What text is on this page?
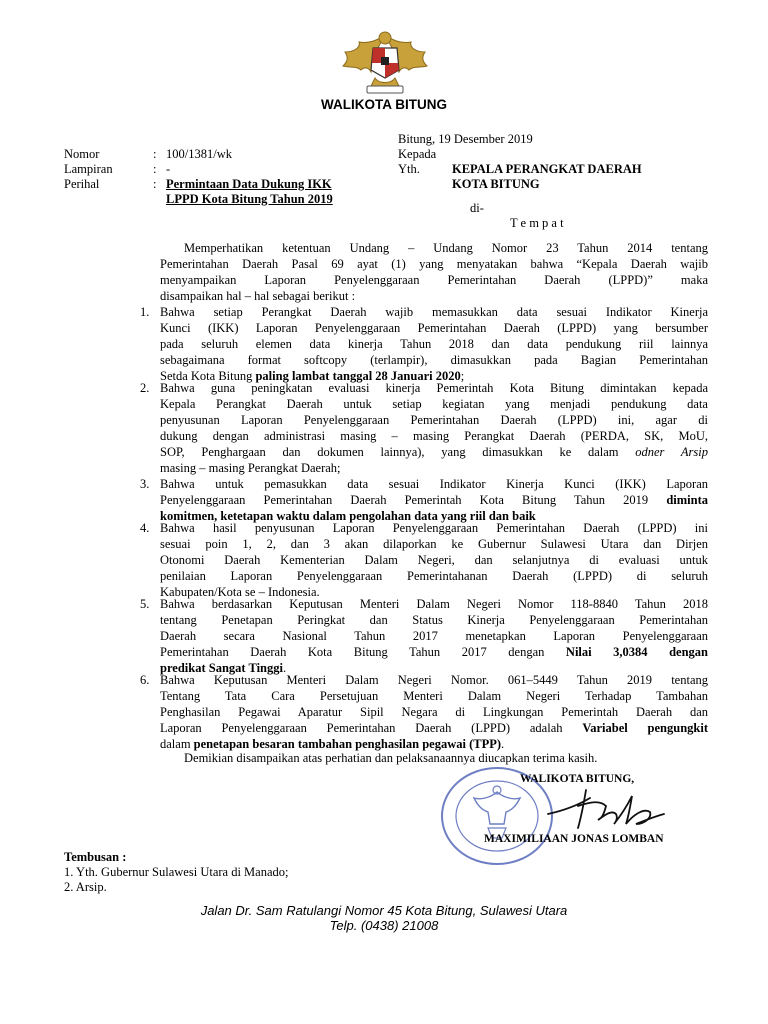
WALIKOTA BITUNG
Nomor	: 100/1381/wk
Lampiran	: -
Perihal	: Permintaan Data Dukung IKK
LPPD Kota Bitung Tahun 2019
Bitung, 19 Desember 2019
Kepada
Yth.	KEPALA PERANGKAT DAERAH
KOTA BITUNG
di-
T e m p a t
Memperhatikan ketentuan Undang – Undang Nomor 23 Tahun 2014 tentang
Pemerintahan Daerah Pasal 69 ayat (1) yang menyatakan bahwa “Kepala Daerah wajib
menyampaikan Laporan Penyelenggaraan Pemerintahan Daerah (LPPD)” maka
disampaikan hal – hal sebagai berikut :
1. Bahwa setiap Perangkat Daerah wajib memasukkan data sesuai Indikator Kinerja
Kunci (IKK) Laporan Penyelenggaraan Pemerintahan Daerah (LPPD) yang bersumber
pada seluruh elemen data kinerja Tahun 2018 dan data pendukung riil lainnya
sebagaimana format softcopy (terlampir), dimasukkan pada Bagian Pemerintahan
Setda Kota Bitung paling lambat tanggal 28 Januari 2020;
2. Bahwa guna peningkatan evaluasi kinerja Pemerintah Kota Bitung dimintakan kepada
Kepala Perangkat Daerah untuk setiap kegiatan yang menjadi pendukung data
penyusunan Laporan Penyelenggaraan Pemerintahan Daerah (LPPD) ini, agar di
dukung dengan administrasi masing – masing Perangkat Daerah (PERDA, SK, MoU,
SOP, Penghargaan dan dokumen lainnya), yang dimasukkan ke dalam odner Arsip
masing – masing Perangkat Daerah;
3. Bahwa untuk pemasukkan data sesuai Indikator Kinerja Kunci (IKK) Laporan
Penyelenggaraan Pemerintahan Daerah Pemerintah Kota Bitung Tahun 2019 diminta
komitmen, ketetapan waktu dalam pengolahan data yang riil dan baik
4. Bahwa hasil penyusunan Laporan Penyelenggaraan Pemerintahan Daerah (LPPD) ini
sesuai poin 1, 2, dan 3 akan dilaporkan ke Gubernur Sulawesi Utara dan Dirjen
Otonomi Daerah Kementerian Dalam Negeri, dan selanjutnya di evaluasi untuk
penilaian Laporan Penyelenggaraan Pemerintahanan Daerah (LPPD) di seluruh
Kabupaten/Kota se – Indonesia.
5. Bahwa berdasarkan Keputusan Menteri Dalam Negeri Nomor 118-8840 Tahun 2018
tentang Penetapan Peringkat dan Status Kinerja Penyelenggaraan Pemerintahan
Daerah secara Nasional Tahun 2017 menetapkan Laporan Penyelenggaraan
Pemerintahan Daerah Kota Bitung Tahun 2017 dengan Nilai 3,0384 dengan
predikat Sangat Tinggi.
6. Bahwa Keputusan Menteri Dalam Negeri Nomor. 061–5449 Tahun 2019 tentang
Tentang Tata Cara Persetujuan Menteri Dalam Negeri Terhadap Tambahan
Penghasilan Pegawai Aparatur Sipil Negara di Lingkungan Pemerintah Daerah dan
Laporan Penyelenggaraan Pemerintahan Daerah (LPPD) adalah Variabel pengungkit
dalam penetapan besaran tambahan penghasilan pegawai (TPP).
Demikian disampaikan atas perhatian dan pelaksanaannya diucapkan terima kasih.
WALIKOTA BITUNG,
MAXIMILIAAN JONAS LOMBAN
Tembusan :
1. Yth. Gubernur Sulawesi Utara di Manado;
2. Arsip.
Jalan Dr. Sam Ratulangi Nomor 45 Kota Bitung, Sulawesi Utara
Telp. (0438) 21008
